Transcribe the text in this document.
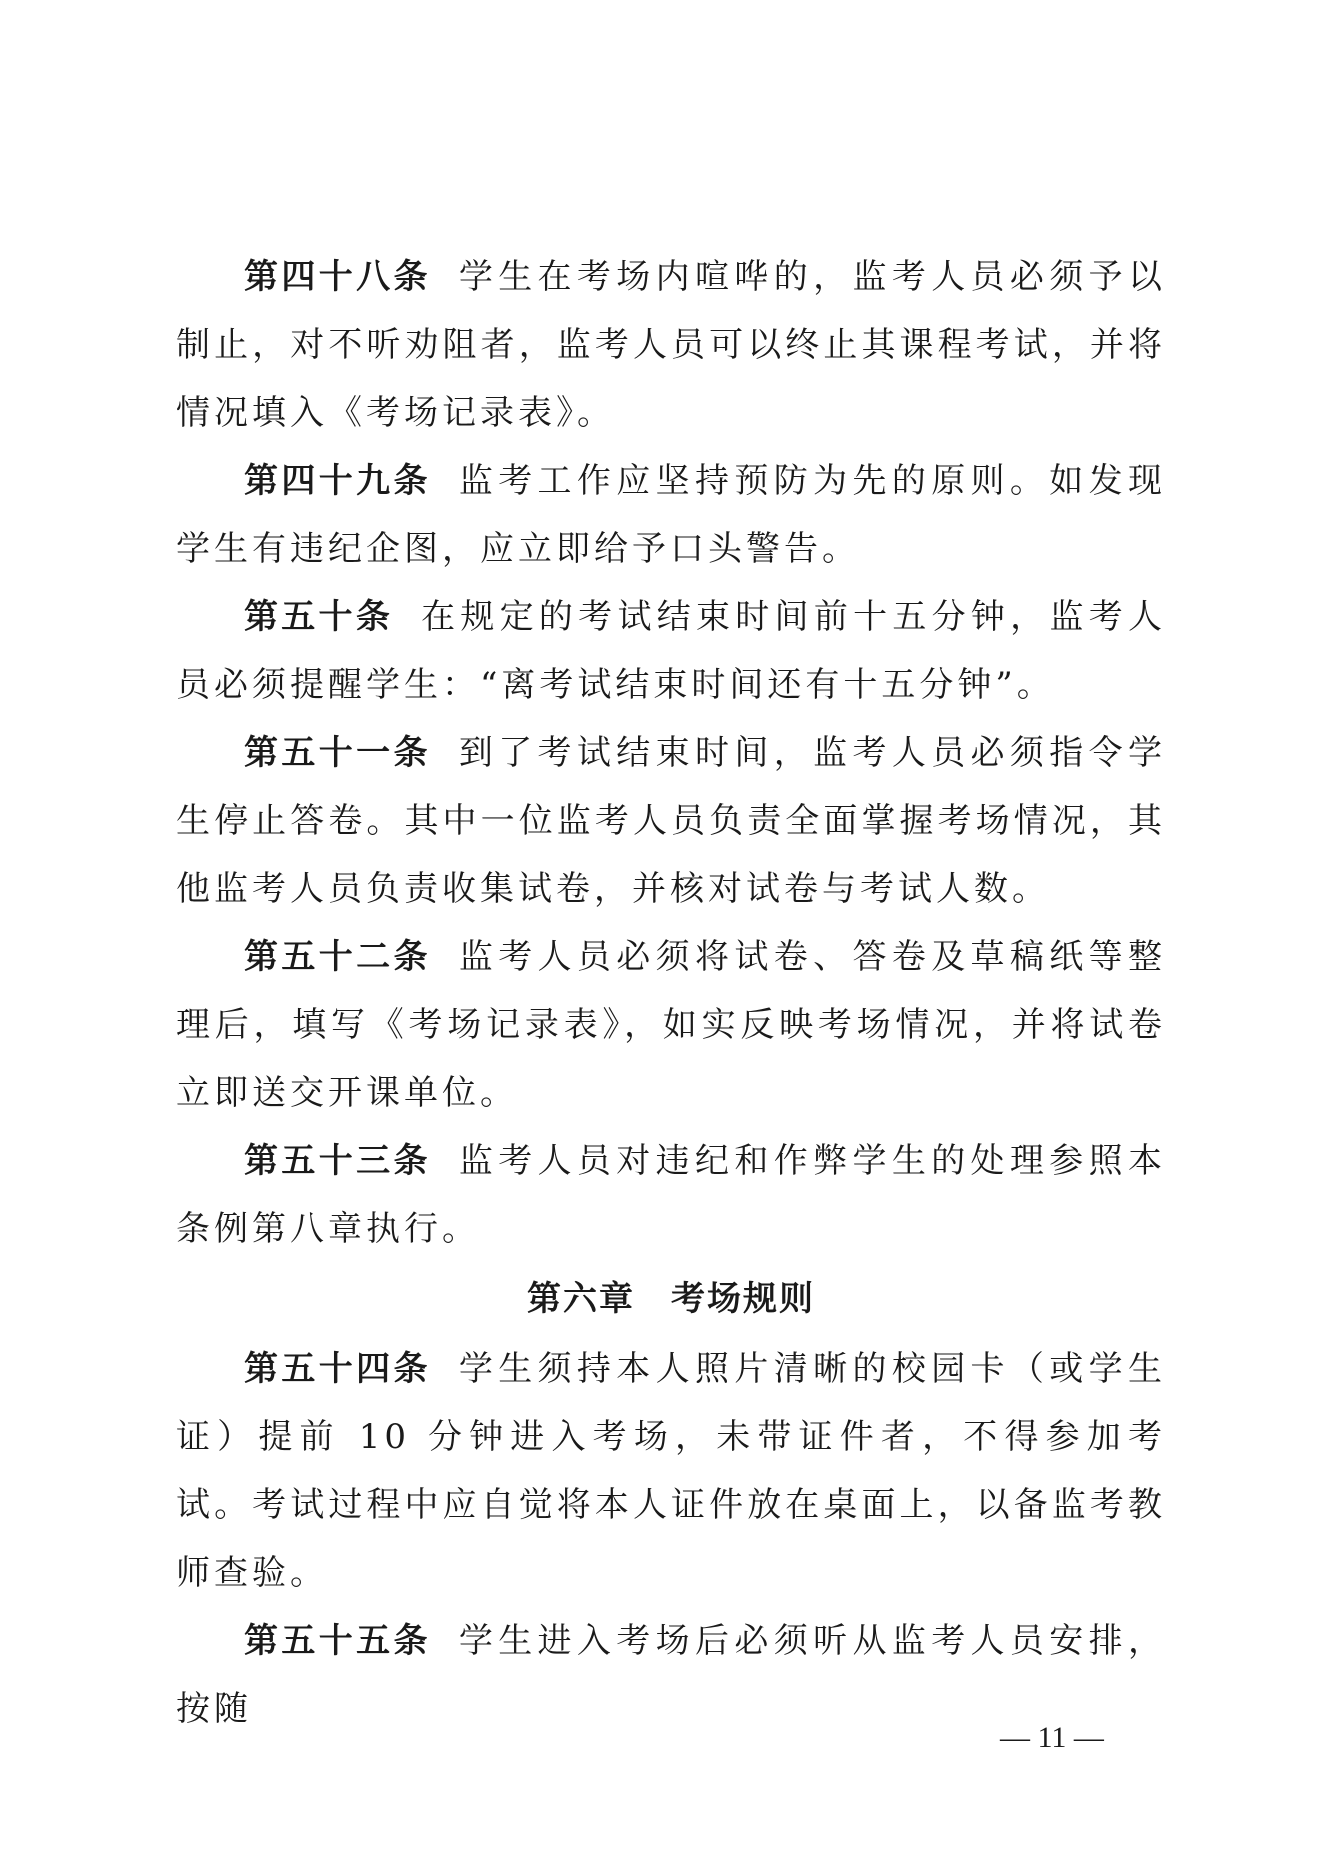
第四十八条 学生在考场内喧哗的，监考人员必须予以制止，对不听劝阻者，监考人员可以终止其课程考试，并将情况填入《考场记录表》。

第四十九条 监考工作应坚持预防为先的原则。如发现学生有违纪企图，应立即给予口头警告。

第五十条 在规定的考试结束时间前十五分钟，监考人员必须提醒学生：“离考试结束时间还有十五分钟”。

第五十一条 到了考试结束时间，监考人员必须指令学生停止答卷。其中一位监考人员负责全面掌握考场情况，其他监考人员负责收集试卷，并核对试卷与考试人数。

第五十二条 监考人员必须将试卷、答卷及草稿纸等整理后，填写《考场记录表》，如实反映考场情况，并将试卷立即送交开课单位。

第五十三条 监考人员对违纪和作弊学生的处理参照本条例第八章执行。

第六章 考场规则

第五十四条 学生须持本人照片清晰的校园卡（或学生证）提前 10 分钟进入考场，未带证件者，不得参加考试。考试过程中应自觉将本人证件放在桌面上，以备监考教师查验。

第五十五条 学生进入考场后必须听从监考人员安排，按随

— 11 —
